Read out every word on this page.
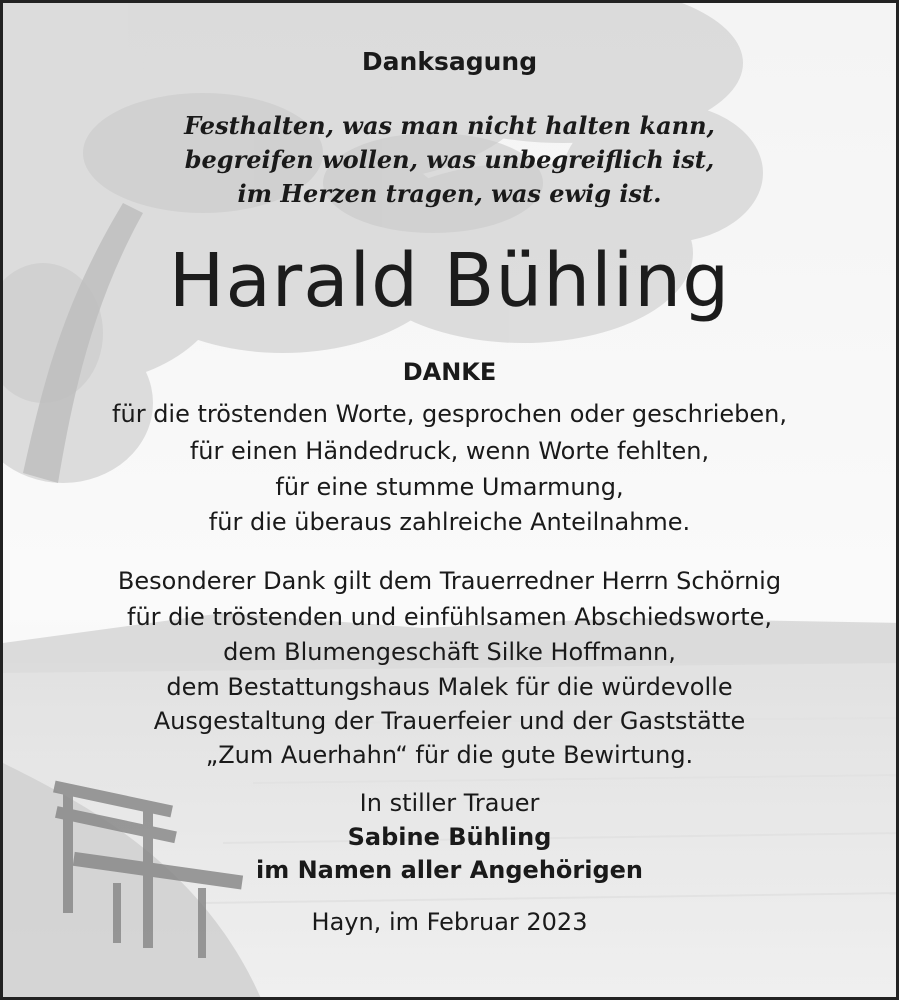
Danksagung
Festhalten, was man nicht halten kann,
begreifen wollen, was unbegreiflich ist,
im Herzen tragen, was ewig ist.
Harald Bühling
DANKE
für die tröstenden Worte, gesprochen oder geschrieben,
für einen Händedruck, wenn Worte fehlten,
für eine stumme Umarmung,
für die überaus zahlreiche Anteilnahme.
Besonderer Dank gilt dem Trauerredner Herrn Schörnig
für die tröstenden und einfühlsamen Abschiedsworte,
dem Blumengeschäft Silke Hoffmann,
dem Bestattungshaus Malek für die würdevolle
Ausgestaltung der Trauerfeier und der Gaststätte
„Zum Auerhahn“ für die gute Bewirtung.
In stiller Trauer
Sabine Bühling
im Namen aller Angehörigen
Hayn, im Februar 2023
